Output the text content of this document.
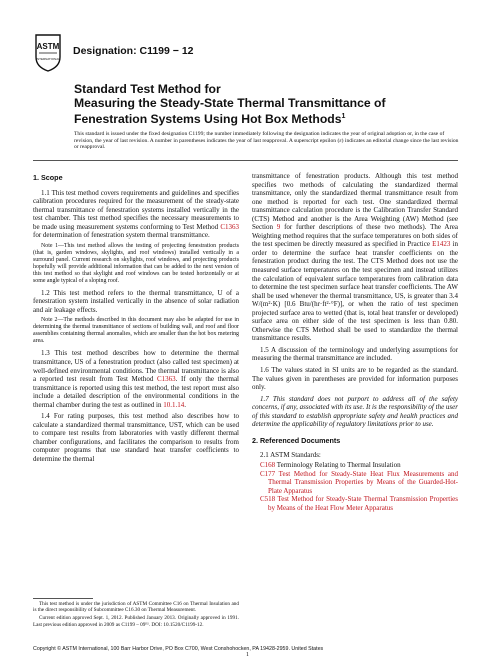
ASTM
INTERNATIONAL
Designation: C1199 − 12
Standard Test Method for
Measuring the Steady-State Thermal Transmittance of
Fenestration Systems Using Hot Box Methods$^1$
This standard is issued under the fixed designation C1199; the number immediately following the designation indicates the year of original adoption or, in the case of revision, the year of last revision. A number in parentheses indicates the year of last reapproval. A superscript epsilon (ε) indicates an editorial change since the last revision or reapproval.
1. Scope

1.1 This test method covers requirements and guidelines and specifies calibration procedures required for the measurement of the steady-state thermal transmittance of fenestration systems installed vertically in the test chamber. This test method specifies the necessary measurements to be made using measurement systems conforming to Test Method C1363 for determination of fenestration system thermal transmittance.

Note 1—This test method allows the testing of projecting fenestration products (that is, garden windows, skylights, and roof windows) installed vertically in a surround panel. Current research on skylights, roof windows, and projecting products hopefully will provide additional information that can be added to the next version of this test method so that skylight and roof windows can be tested horizontally or at some angle typical of a sloping roof.

1.2 This test method refers to the thermal transmittance, U of a fenestration system installed vertically in the absence of solar radiation and air leakage effects.

Note 2—The methods described in this document may also be adapted for use in determining the thermal transmittance of sections of building wall, and roof and floor assemblies containing thermal anomalies, which are smaller than the hot box metering area.

1.3 This test method describes how to determine the thermal transmittance, US of a fenestration product (also called test specimen) at well-defined environmental conditions. The thermal transmittance is also a reported test result from Test Method C1363. If only the thermal transmittance is reported using this test method, the test report must also include a detailed description of the environmental conditions in the thermal chamber during the test as outlined in 10.1.14.

1.4 For rating purposes, this test method also describes how to calculate a standardized thermal transmittance, UST, which can be used to compare test results from laboratories with vastly different thermal chamber configurations, and facilitates the comparison to results from computer programs that use standard heat transfer coefficients to determine the thermal

transmittance of fenestration products. Although this test method specifies two methods of calculating the standardized thermal transmittance, only the standardized thermal transmittance result from one method is reported for each test. One standardized thermal transmittance calculation procedure is the Calibration Transfer Standard (CTS) Method and another is the Area Weighting (AW) Method (see Section 9 for further descriptions of these two methods). The Area Weighting method requires that the surface temperatures on both sides of the test specimen be directly measured as specified in Practice E1423 in order to determine the surface heat transfer coefficients on the fenestration product during the test. The CTS Method does not use the measured surface temperatures on the test specimen and instead utilizes the calculation of equivalent surface temperatures from calibration data to determine the test specimen surface heat transfer coefficients. The AW shall be used whenever the thermal transmittance, US, is greater than 3.4 W/(m²·K) [0.6 Btu/(hr·ft²·°F)], or when the ratio of test specimen projected surface area to wetted (that is, total heat transfer or developed) surface area on either side of the test specimen is less than 0.80. Otherwise the CTS Method shall be used to standardize the thermal transmittance results.

1.5 A discussion of the terminology and underlying assumptions for measuring the thermal transmittance are included.

1.6 The values stated in SI units are to be regarded as the standard. The values given in parentheses are provided for information purposes only.

1.7 This standard does not purport to address all of the safety concerns, if any, associated with its use. It is the responsibility of the user of this standard to establish appropriate safety and health practices and determine the applicability of regulatory limitations prior to use.

2. Referenced Documents

2.1 ASTM Standards:

C168 Terminology Relating to Thermal Insulation

C177 Test Method for Steady-State Heat Flux Measurements and Thermal Transmission Properties by Means of the Guarded-Hot-Plate Apparatus

C518 Test Method for Steady-State Thermal Transmission Properties by Means of the Heat Flow Meter Apparatus

This test method is under the jurisdiction of ASTM Committee C16 on Thermal Insulation and is the direct responsibility of Subcommittee C16.30 on Thermal Measurement.

Current edition approved Sept. 1, 2012. Published January 2013. Originally approved in 1991. Last previous edition approved in 2009 as C1199 – 09ᴱ¹. DOI: 10.1520/C1199-12.

Copyright © ASTM International, 100 Barr Harbor Drive, PO Box C700, West Conshohocken, PA 19428-2959. United States
1
